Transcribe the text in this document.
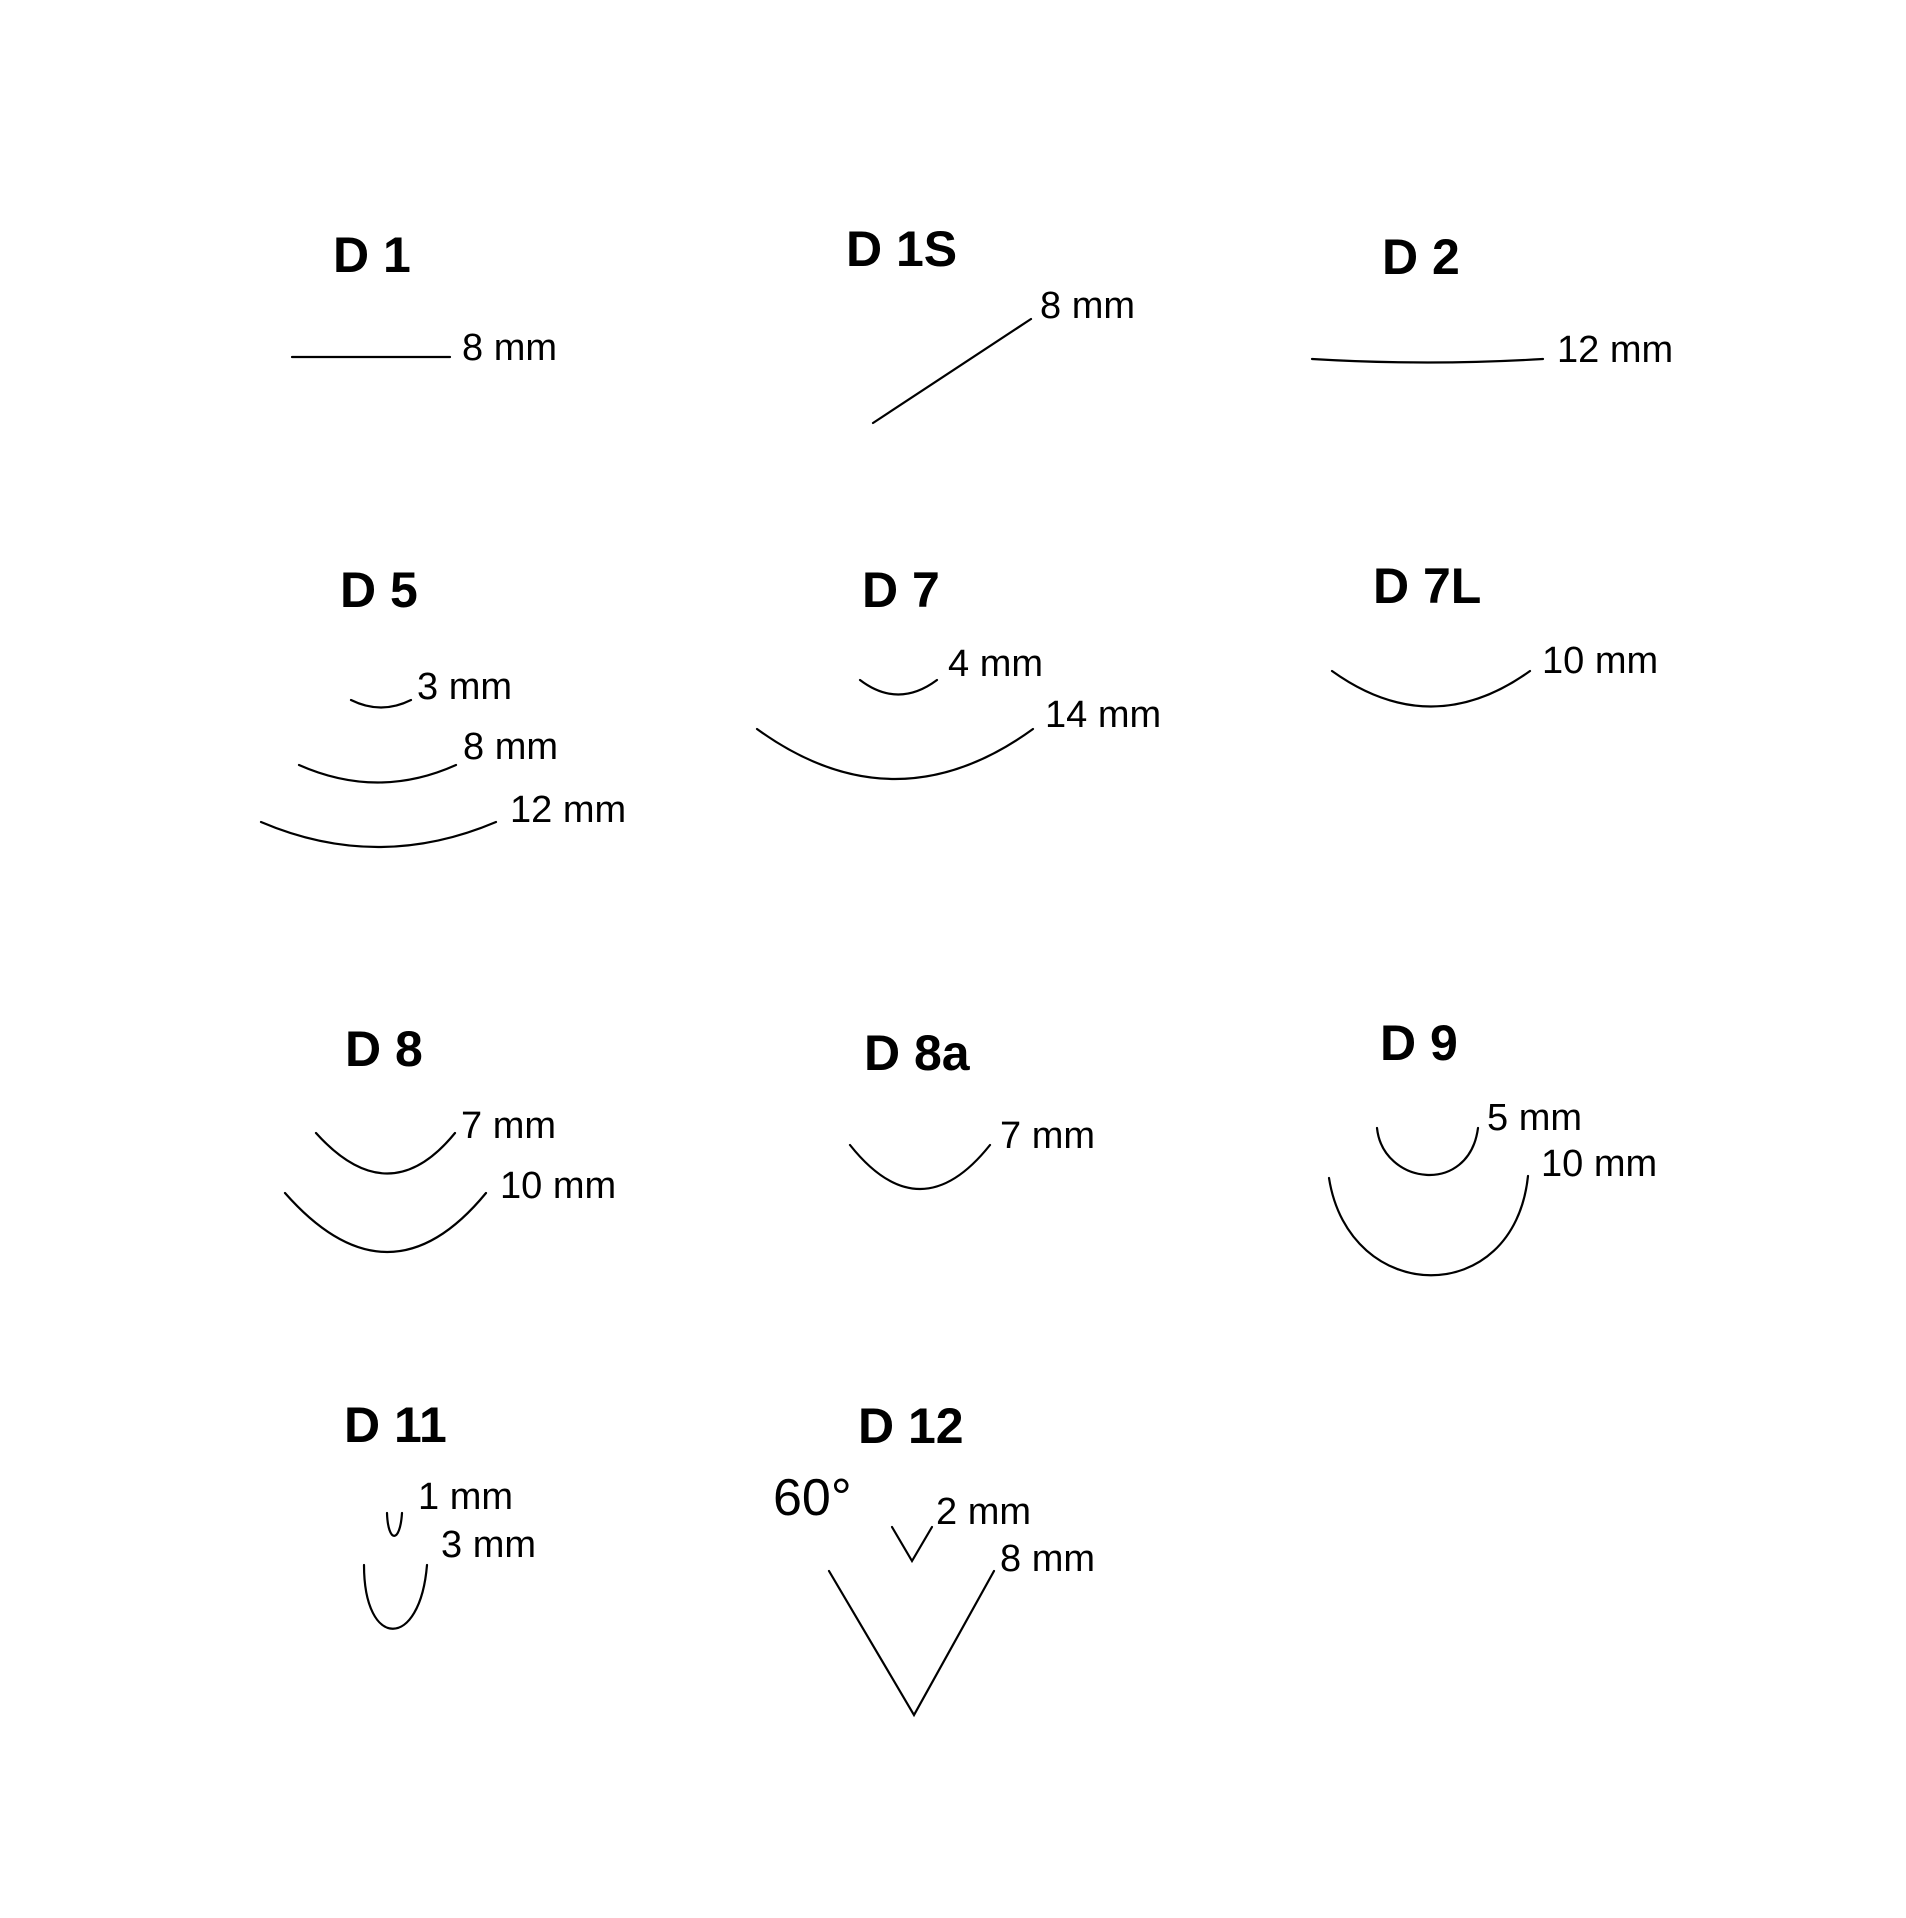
D 1
8 mm
D 1S
8 mm
D 2
12 mm
D 5
3 mm
8 mm
12 mm
D 7
4 mm
14 mm
D 7L
10 mm
D 8
7 mm
10 mm
D 8a
7 mm
D 9
5 mm
10 mm
D 11
1 mm
3 mm
D 12
60° 2 mm
8 mm
